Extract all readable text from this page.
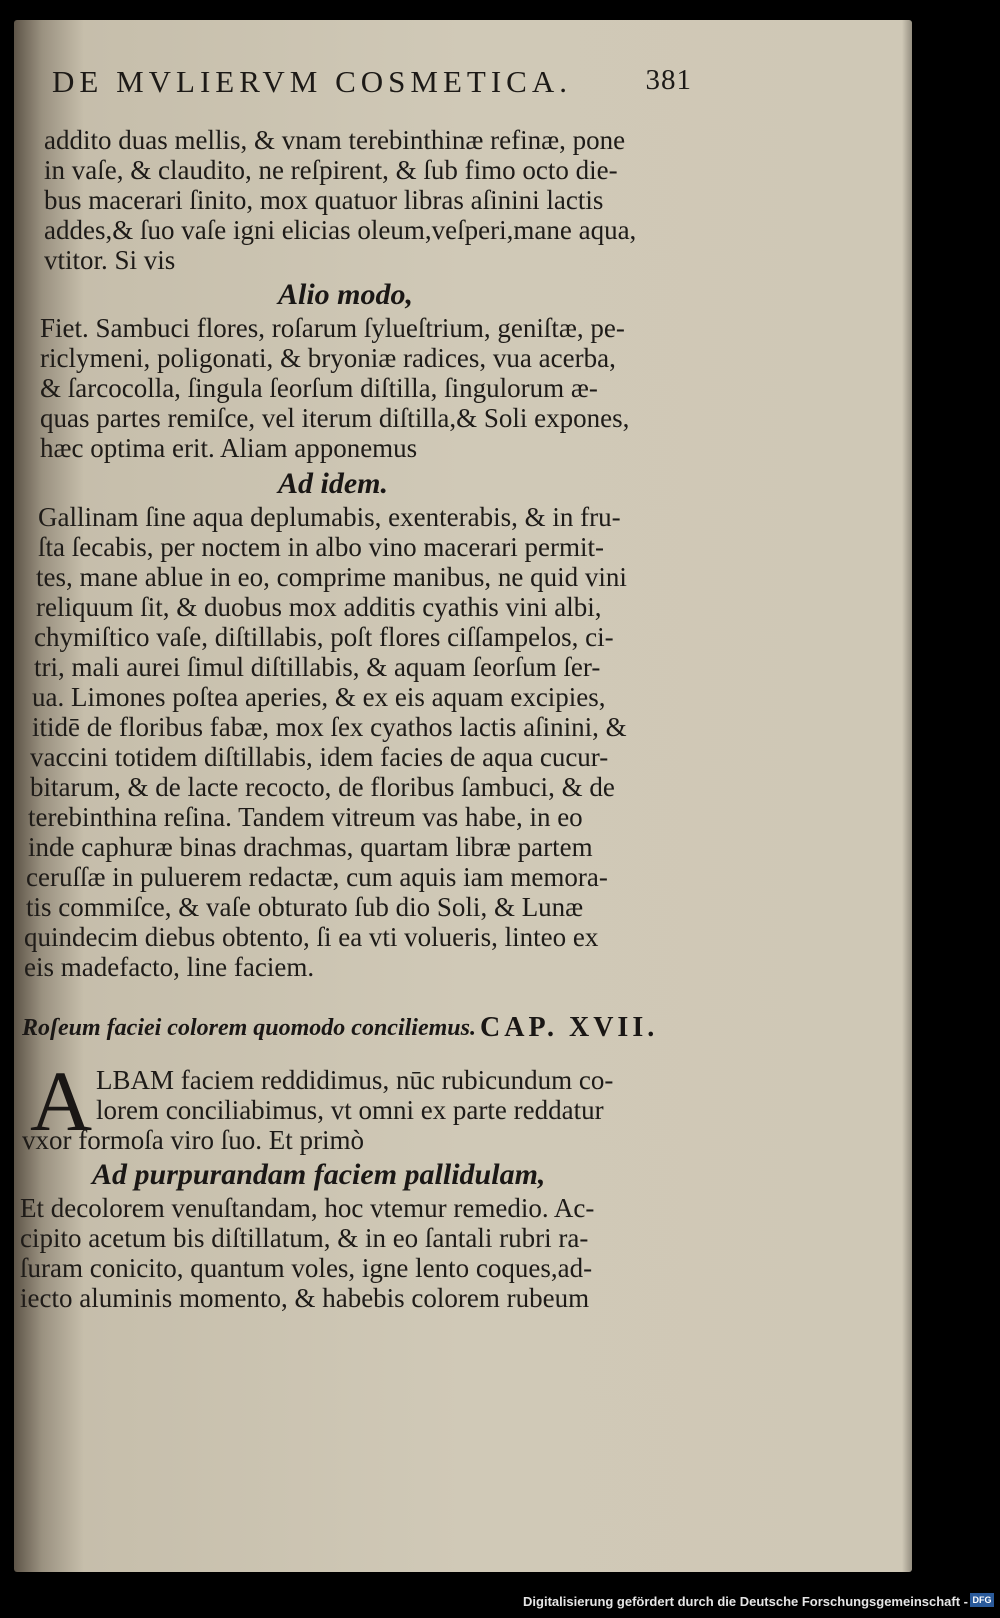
DE MVLIERVM COSMETICA.	381
addito duas mellis, & vnam terebinthinæ refinæ, pone
in vaſe, & claudito, ne reſpirent, & ſub fimo octo die-
bus macerari ſinito, mox quatuor libras aſinini lactis
addes,& ſuo vaſe igni elicias oleum,veſperi,mane aqua,
vtitor. Si vis
Alio modo,
Fiet. Sambuci flores, roſarum ſylueſtrium, geniſtæ, pe-
riclymeni, poligonati, & bryoniæ radices, vua acerba,
& ſarcocolla, ſingula ſeorſum diſtilla, ſingulorum æ-
quas partes remiſce, vel iterum diſtilla,& Soli expones,
hæc optima erit. Aliam apponemus
Ad idem.
Gallinam ſine aqua deplumabis, exenterabis, & in fru-
ſta ſecabis, per noctem in albo vino macerari permit-
tes, mane ablue in eo, comprime manibus, ne quid vini
reliquum ſit, & duobus mox additis cyathis vini albi,
chymiſtico vaſe, diſtillabis, poſt flores ciſſampelos, ci-
tri, mali aurei ſimul diſtillabis, & aquam ſeorſum ſer-
ua. Limones poſtea aperies, & ex eis aquam excipies,
itidē de floribus fabæ, mox ſex cyathos lactis aſinini, &
vaccini totidem diſtillabis, idem facies de aqua cucur-
bitarum, & de lacte recocto, de floribus ſambuci, & de
terebinthina reſina. Tandem vitreum vas habe, in eo
inde caphuræ binas drachmas, quartam libræ partem
ceruſſæ in puluerem redactæ, cum aquis iam memora-
tis commiſce, & vaſe obturato ſub dio Soli, & Lunæ
quindecim diebus obtento, ſi ea vti volueris, linteo ex
eis madefacto, line faciem.
Roſeum faciei colorem quomodo conciliemus. CAP. XVII.
A LBAM faciem reddidimus, nūc rubicundum co-
lorem conciliabimus, vt omni ex parte reddatur
vxor formoſa viro ſuo. Et primò
Ad purpurandam faciem pallidulam,
Et decolorem venuſtandam, hoc vtemur remedio. Ac-
cipito acetum bis diſtillatum, & in eo ſantali rubri ra-
ſuram conicito, quantum voles, igne lento coques,ad-
iecto aluminis momento, & habebis colorem rubeum
Digitalisierung gefördert durch die Deutsche Forschungsgemeinschaft - DFG
